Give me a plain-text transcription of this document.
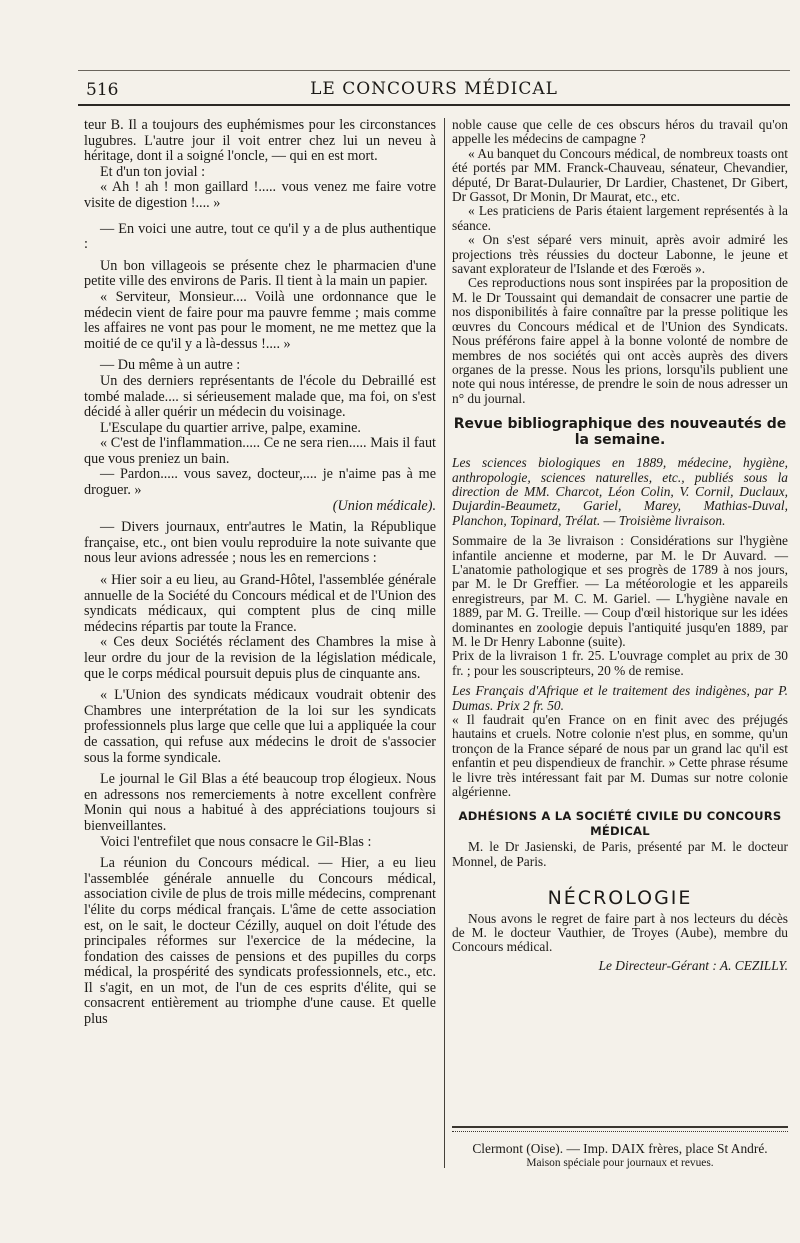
516	LE CONCOURS MÉDICAL

teur B. Il a toujours des euphémismes pour les circonstances lugubres. L'autre jour il voit entrer chez lui un neveu à héritage, dont il a soigné l'oncle, — qui en est mort.

Et d'un ton jovial :

« Ah ! ah ! mon gaillard !..... vous venez me faire votre visite de digestion !.... »

— En voici une autre, tout ce qu'il y a de plus authentique :

Un bon villageois se présente chez le pharmacien d'une petite ville des environs de Paris. Il tient à la main un papier.

« Serviteur, Monsieur.... Voilà une ordonnance que le médecin vient de faire pour ma pauvre femme ; mais comme les affaires ne vont pas pour le moment, ne me mettez que la moitié de ce qu'il y a là-dessus !.... »

— Du même à un autre :

Un des derniers représentants de l'école du Debraillé est tombé malade.... si sérieusement malade que, ma foi, on s'est décidé à aller quérir un médecin du voisinage.

L'Esculape du quartier arrive, palpe, examine.

« C'est de l'inflammation..... Ce ne sera rien..... Mais il faut que vous preniez un bain.

— Pardon..... vous savez, docteur,.... je n'aime pas à me droguer. »

(Union médicale).

— Divers journaux, entr'autres le Matin, la République française, etc., ont bien voulu reproduire la note suivante que nous leur avions adressée ; nous les en remercions :

« Hier soir a eu lieu, au Grand-Hôtel, l'assemblée générale annuelle de la Société du Concours médical et de l'Union des syndicats médicaux, qui comptent plus de cinq mille médecins répartis par toute la France.

« Ces deux Sociétés réclament des Chambres la mise à leur ordre du jour de la revision de la législation médicale, que le corps médical poursuit depuis plus de cinquante ans.

« L'Union des syndicats médicaux voudrait obtenir des Chambres une interprétation de la loi sur les syndicats professionnels plus large que celle que lui a appliquée la cour de cassation, qui refuse aux médecins le droit de s'associer sous la forme syndicale.

Le journal le Gil Blas a été beaucoup trop élogieux. Nous en adressons nos remerciements à notre excellent confrère Monin qui nous a habitué à des appréciations toujours si bienveillantes.

Voici l'entrefilet que nous consacre le Gil-Blas :

La réunion du Concours médical. — Hier, a eu lieu l'assemblée générale annuelle du Concours médical, association civile de plus de trois mille médecins, comprenant l'élite du corps médical français. L'âme de cette association est, on le sait, le docteur Cézilly, auquel on doit l'étude des principales réformes sur l'exercice de la médecine, la fondation des caisses de pensions et des pupilles du corps médical, la prospérité des syndicats professionnels, etc., etc. Il s'agit, en un mot, de l'un de ces esprits d'élite, qui se consacrent entièrement au triomphe d'une cause. Et quelle plus

noble cause que celle de ces obscurs héros du travail qu'on appelle les médecins de campagne ?

« Au banquet du Concours médical, de nombreux toasts ont été portés par MM. Franck-Chauveau, sénateur, Chevandier, député, Dr Barat-Dulaurier, Dr Lardier, Chastenet, Dr Gibert, Dr Gassot, Dr Monin, Dr Maurat, etc., etc.

« Les praticiens de Paris étaient largement représentés à la séance.

« On s'est séparé vers minuit, après avoir admiré les projections très réussies du docteur Labonne, le jeune et savant explorateur de l'Islande et des Fœroës ».

Ces reproductions nous sont inspirées par la proposition de M. le Dr Toussaint qui demandait de consacrer une partie de nos disponibilités à faire connaître par la presse politique les œuvres du Concours médical et de l'Union des Syndicats. Nous préférons faire appel à la bonne volonté de nombre de membres de nos sociétés qui ont accès auprès des divers organes de la presse. Nous les prions, lorsqu'ils publient une note qui nous intéresse, de prendre le soin de nous adresser un n° du journal.

Revue bibliographique des nouveautés de la semaine.

Les sciences biologiques en 1889, médecine, hygiène, anthropologie, sciences naturelles, etc., publiés sous la direction de MM. Charcot, Léon Colin, V. Cornil, Duclaux, Dujardin-Beaumetz, Gariel, Marey, Mathias-Duval, Planchon, Topinard, Trélat. — Troisième livraison.

Sommaire de la 3e livraison : Considérations sur l'hygiène infantile ancienne et moderne, par M. le Dr Auvard. — L'anatomie pathologique et ses progrès de 1789 à nos jours, par M. le Dr Greffier. — La météorologie et les appareils enregistreurs, par M. C. M. Gariel. — L'hygiène navale en 1889, par M. G. Treille. — Coup d'œil historique sur les idées dominantes en zoologie depuis l'antiquité jusqu'en 1889, par M. le Dr Henry Labonne (suite).

Prix de la livraison 1 fr. 25. L'ouvrage complet au prix de 30 fr. ; pour les souscripteurs, 20 % de remise.

Les Français d'Afrique et le traitement des indigènes, par P. Dumas. Prix 2 fr. 50.

« Il faudrait qu'en France on en finit avec des préjugés hautains et cruels. Notre colonie n'est plus, en somme, qu'un tronçon de la France séparé de nous par un grand lac qu'il est enfantin et peu dispendieux de franchir. » Cette phrase résume le livre très intéressant fait par M. Dumas sur notre colonie algérienne.

ADHÉSIONS A LA SOCIÉTÉ CIVILE DU CONCOURS MÉDICAL

M. le Dr Jasienski, de Paris, présenté par M. le docteur Monnel, de Paris.

NÉCROLOGIE

Nous avons le regret de faire part à nos lecteurs du décès de M. le docteur Vauthier, de Troyes (Aube), membre du Concours médical.

Le Directeur-Gérant : A. CEZILLY.

Clermont (Oise). — Imp. DAIX frères, place St André.
Maison spéciale pour journaux et revues.
